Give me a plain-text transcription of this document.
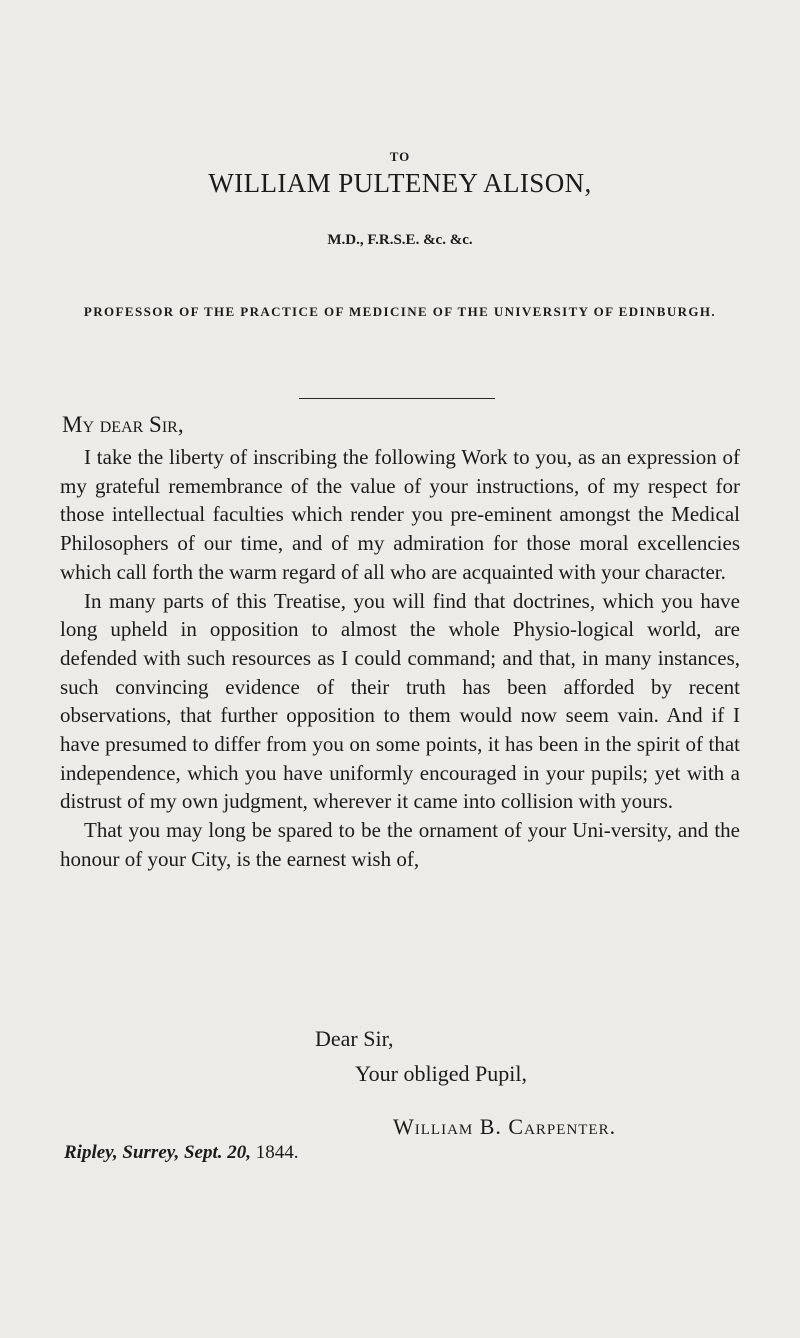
TO
WILLIAM PULTENEY ALISON,
M.D., F.R.S.E. &c. &c.
PROFESSOR OF THE PRACTICE OF MEDICINE OF THE UNIVERSITY OF EDINBURGH.
My dear Sir,

I take the liberty of inscribing the following Work to you, as an expression of my grateful remembrance of the value of your instructions, of my respect for those intellectual faculties which render you pre-eminent amongst the Medical Philosophers of our time, and of my admiration for those moral excellencies which call forth the warm regard of all who are acquainted with your character.

In many parts of this Treatise, you will find that doctrines, which you have long upheld in opposition to almost the whole Physio-logical world, are defended with such resources as I could command; and that, in many instances, such convincing evidence of their truth has been afforded by recent observations, that further opposition to them would now seem vain. And if I have presumed to differ from you on some points, it has been in the spirit of that independence, which you have uniformly encouraged in your pupils; yet with a distrust of my own judgment, wherever it came into collision with yours.

That you may long be spared to be the ornament of your Uni-versity, and the honour of your City, is the earnest wish of,

Dear Sir,
Your obliged Pupil,
William B. Carpenter.
Ripley, Surrey, Sept. 20, 1844.
